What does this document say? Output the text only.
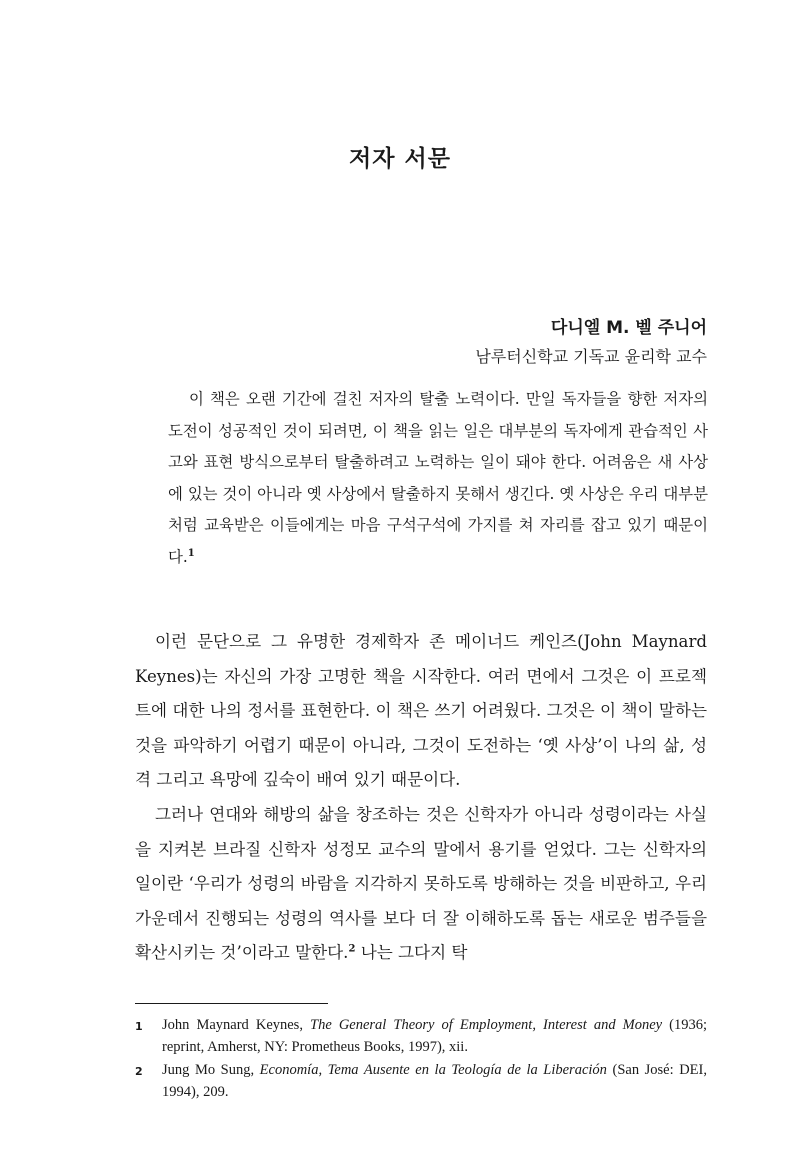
저자 서문
다니엘 M. 벨 주니어
남루터신학교 기독교 윤리학 교수

이 책은 오랜 기간에 걸친 저자의 탈출 노력이다. 만일 독자들을 향한 저자의 도전이 성공적인 것이 되려면, 이 책을 읽는 일은 대부분의 독자에게 관습적인 사고와 표현 방식으로부터 탈출하려고 노력하는 일이 돼야 한다. 어려움은 새 사상에 있는 것이 아니라 옛 사상에서 탈출하지 못해서 생긴다. 옛 사상은 우리 대부분처럼 교육받은 이들에게는 마음 구석구석에 가지를 쳐 자리를 잡고 있기 때문이다.$^1$

이런 문단으로 그 유명한 경제학자 존 메이너드 케인즈(John Maynard Keynes)는 자신의 가장 고명한 책을 시작한다. 여러 면에서 그것은 이 프로젝트에 대한 나의 정서를 표현한다. 이 책은 쓰기 어려웠다. 그것은 이 책이 말하는 것을 파악하기 어렵기 때문이 아니라, 그것이 도전하는 ‘옛 사상’이 나의 삶, 성격 그리고 욕망에 깊숙이 배여 있기 때문이다.

그러나 연대와 해방의 삶을 창조하는 것은 신학자가 아니라 성령이라는 사실을 지켜본 브라질 신학자 성정모 교수의 말에서 용기를 얻었다. 그는 신학자의 일이란 ‘우리가 성령의 바람을 지각하지 못하도록 방해하는 것을 비판하고, 우리 가운데서 진행되는 성령의 역사를 보다 더 잘 이해하도록 돕는 새로운 범주들을 확산시키는 것’이라고 말한다.$^2$ 나는 그다지 탁

1	John Maynard Keynes, The General Theory of Employment, Interest and Money (1936; reprint, Amherst, NY: Prometheus Books, 1997), xii.
2	Jung Mo Sung, Economía, Tema Ausente en la Teología de la Liberación (San José: DEI, 1994), 209.
